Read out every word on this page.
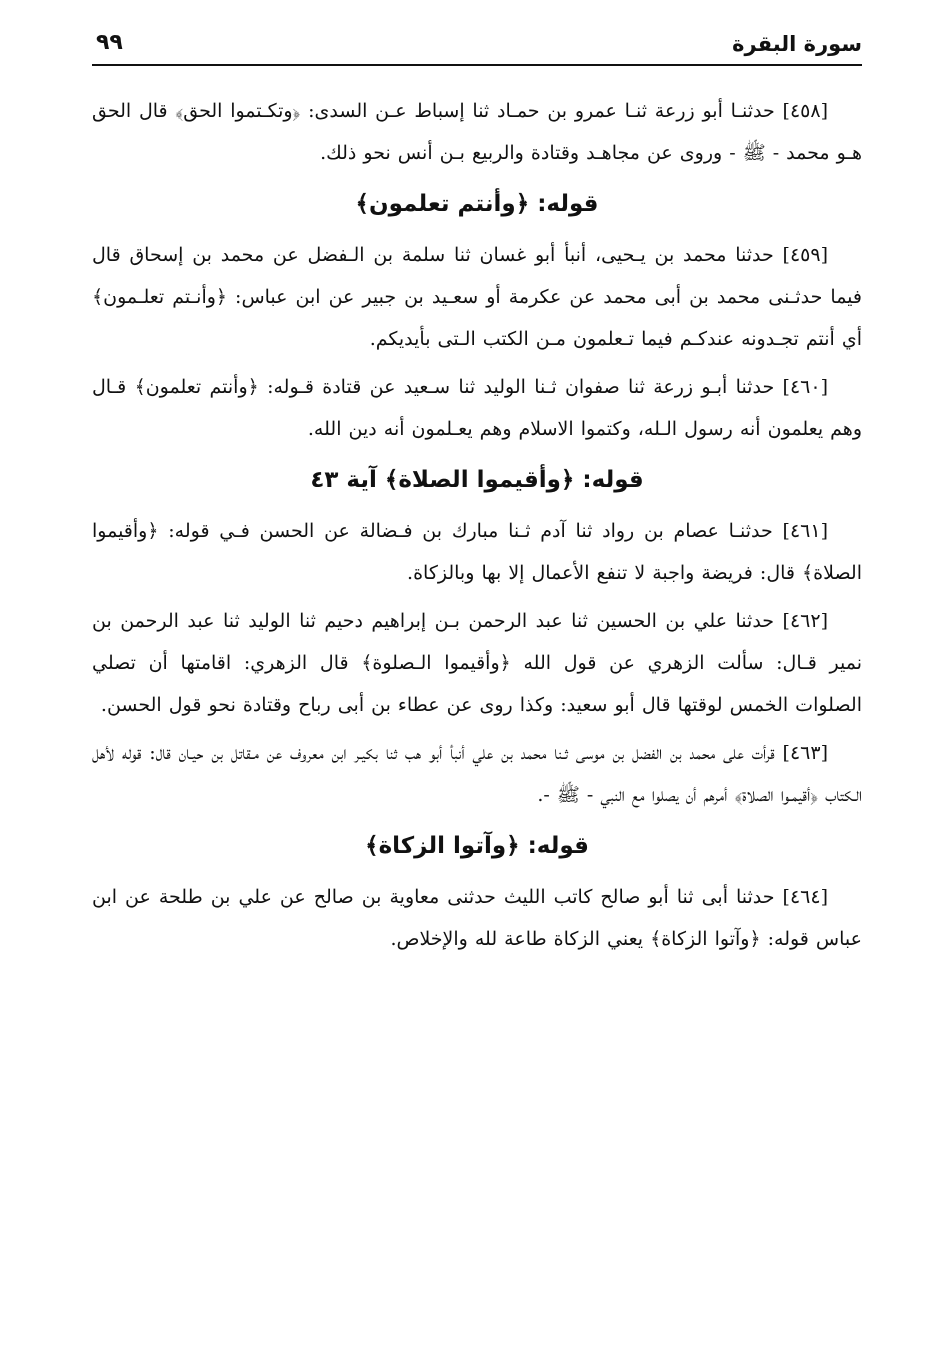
سورة البقرة
٩٩

[٤٥٨] حدثنـا أبو زرعة ثنـا عمرو بن حمـاد ثنا إسباط عـن السدى: ﴿وتكـتموا الحق﴾ قال الحق هـو محمد - ﷺ - وروى عن مجاهـد وقتادة والربيع بـن أنس نحو ذلك.

قوله: ﴿وأنتم تعلمون﴾

[٤٥٩] حدثنا محمد بن يـحيى، أنبأ أبو غسان ثنا سلمة بن الـفضل عن محمد بن إسحاق قال فيما حدثـنى محمد بن أبى محمد عن عكرمة أو سعـيد بن جبير عن ابن عباس: ﴿وأنـتم تعلـمون﴾ أي أنتم تجـدونه عندكـم فيما تـعلمون مـن الكتب الـتى بأيديكم.

[٤٦٠] حدثنا أبـو زرعة ثنا صفوان ثـنا الوليد ثنا سـعيد عن قتادة قـوله: ﴿وأنتم تعلمون﴾ قـال وهم يعلمون أنه رسول الـله، وكتموا الاسلام وهم يعـلمون أنه دين الله.

قوله: ﴿وأقيموا الصلاة﴾ آية ٤٣

[٤٦١] حدثنـا عصام بن رواد ثنا آدم ثـنا مبارك بن فـضالة عن الحسن فـي قوله: ﴿وأقيموا الصلاة﴾ قال: فريضة واجبة لا تنفع الأعمال إلا بها وبالزكاة.

[٤٦٢] حدثنا علي بن الحسين ثنا عبد الرحمن بـن إبراهيم دحيم ثنا الوليد ثنا عبد الرحمن بن نمير قـال: سألت الزهري عن قول الله ﴿وأقيموا الـصلوة﴾ قال الزهري: اقامتها أن تصلي الصلوات الخمس لوقتها قال أبو سعيد: وكذا روى عن عطاء بن أبى رباح وقتادة نحو قول الحسن.

[٤٦٣] قرأت على محمد بن الفضل بن موسى ثـنا محمد بن علي أنبأ أبو هب ثنا بكيـر ابن معروف عن مـقاتل بن حيـان قال: قوله لأهل الـكتاب ﴿أقيمـوا الصلاة﴾ أمرهم أن يصلوا مع النبي - ﷺ -.

قوله: ﴿وآتوا الزكاة﴾

[٤٦٤] حدثنا أبى ثنا أبو صالح كاتب الليث حدثنى معاوية بن صالح عن علي بن طلحة عن ابن عباس قوله: ﴿وآتوا الزكاة﴾ يعني الزكاة طاعة لله والإخلاص.
